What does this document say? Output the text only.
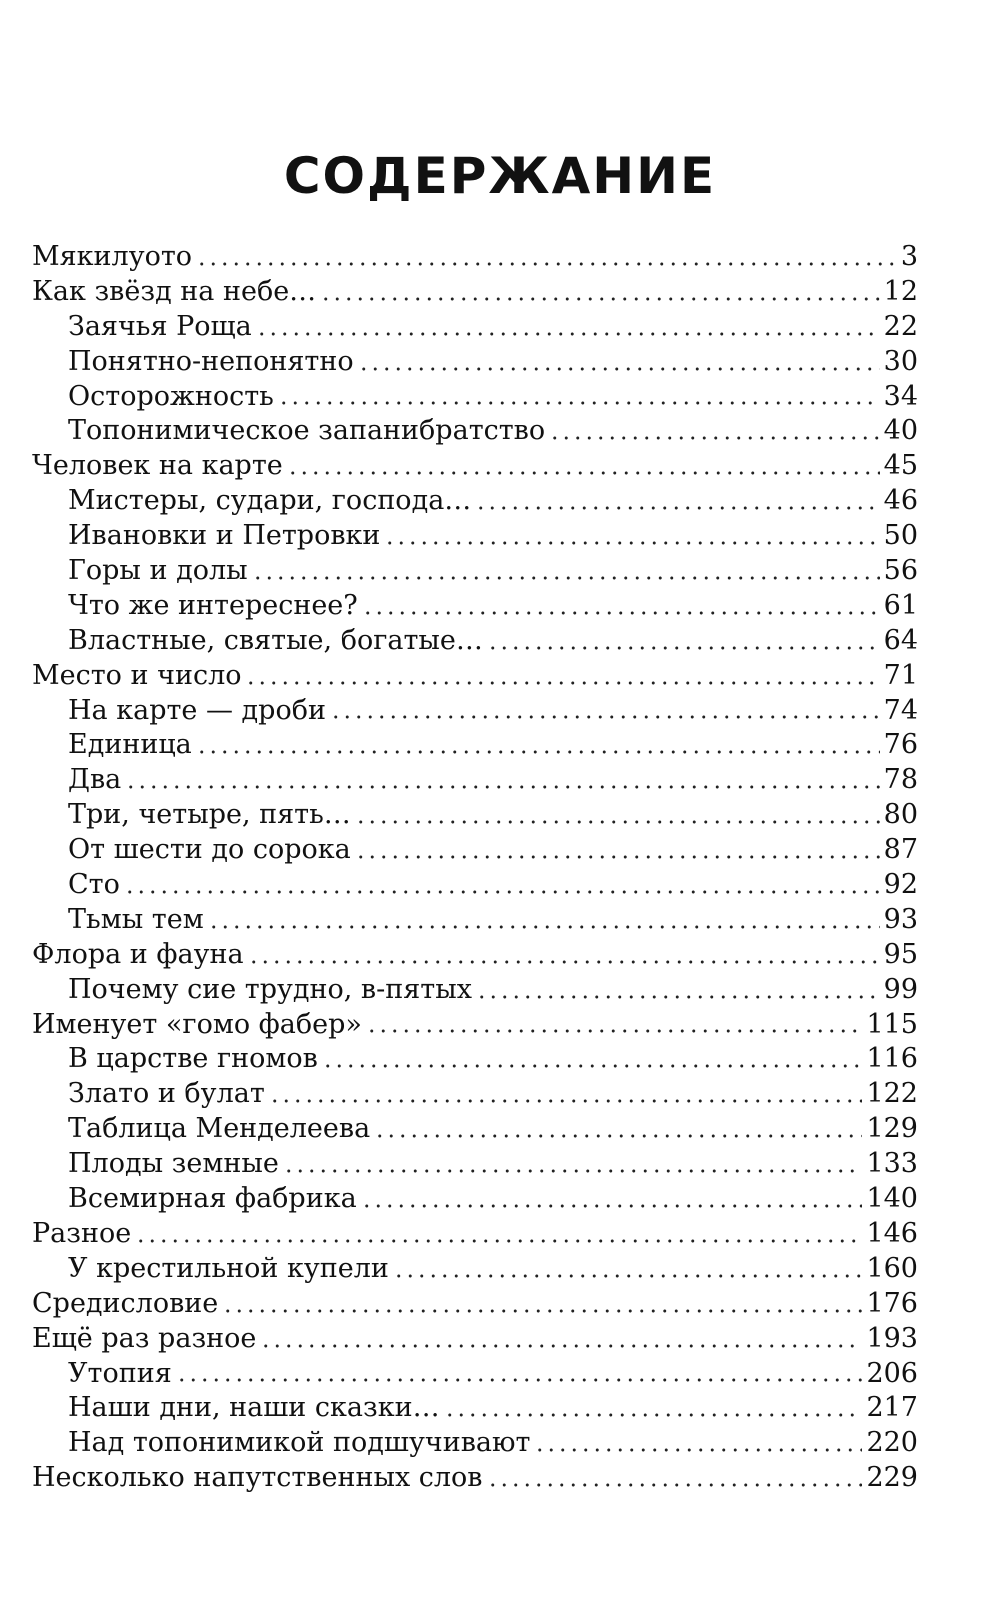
СОДЕРЖАНИЕ
Мякилуото	3
Как звёзд на небе…	12
Заячья Роща	22
Понятно-непонятно	30
Осторожность	34
Топонимическое запанибратство	40
Человек на карте	45
Мистеры, судари, господа…	46
Ивановки и Петровки	50
Горы и долы	56
Что же интереснее?	61
Властные, святые, богатые…	64
Место и число	71
На карте — дроби	74
Единица	76
Два	78
Три, четыре, пять…	80
От шести до сорока	87
Сто	92
Тьмы тем	93
Флора и фауна	95
Почему сие трудно, в-пятых	99
Именует «гомо фабер»	115
В царстве гномов	116
Злато и булат	122
Таблица Менделеева	129
Плоды земные	133
Всемирная фабрика	140
Разное	146
У крестильной купели	160
Средисловие	176
Ещё раз разное	193
Утопия	206
Наши дни, наши сказки…	217
Над топонимикой подшучивают	220
Несколько напутственных слов	229
